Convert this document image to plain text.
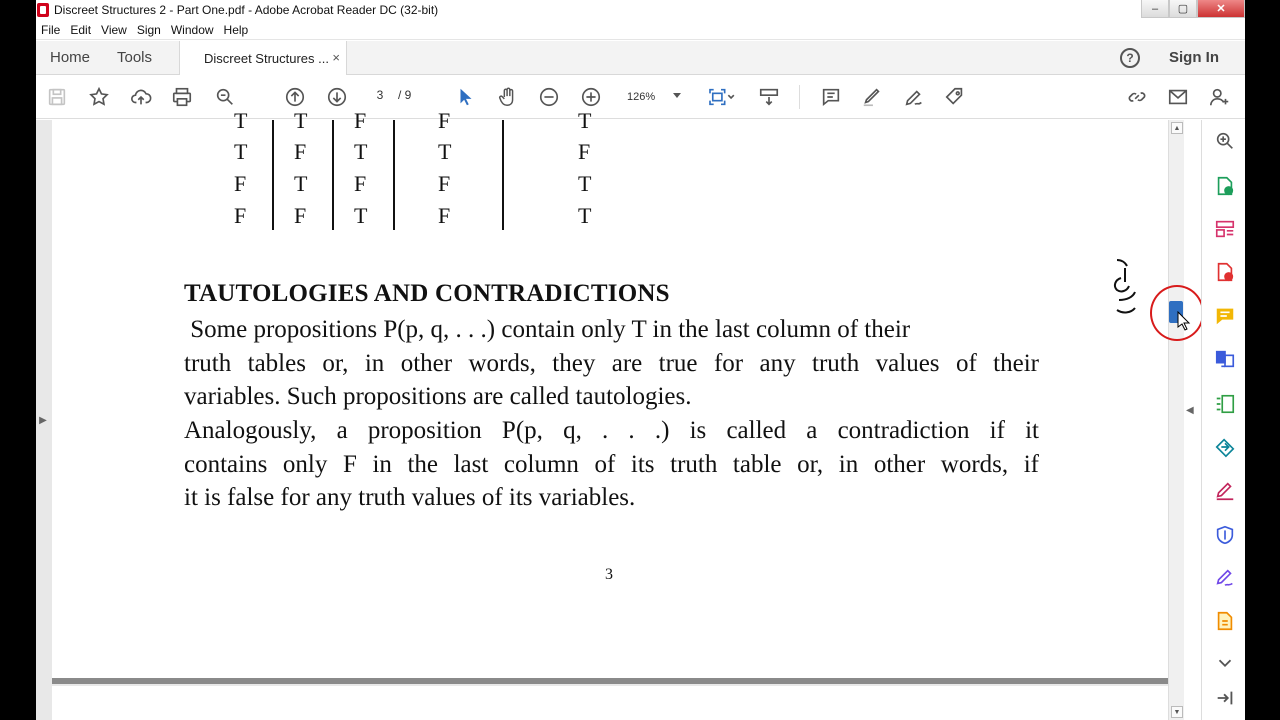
Discreet Structures 2 - Part One.pdf - Adobe Acrobat Reader DC (32-bit)	‒	▢	✕
File Edit View Sign Window Help
Home Tools	Discreet Structures ... ×	?	Sign In
3	/ 9	126%
▶
T T F	F	T
T F T	T	F
F T F	F	T
F F T	F	T
TAUTOLOGIES AND CONTRADICTIONS
Some propositions P(p, q, . . .) contain only T in the last column of their
truth tables or, in other words, they are true for any truth values of their
variables. Such propositions are called tautologies.
Analogously, a proposition P(p, q, . . .) is called a contradiction if it
contains only F in the last column of its truth table or, in other words, if
it is false for any truth values of its variables.
3
▲
▼
◀
